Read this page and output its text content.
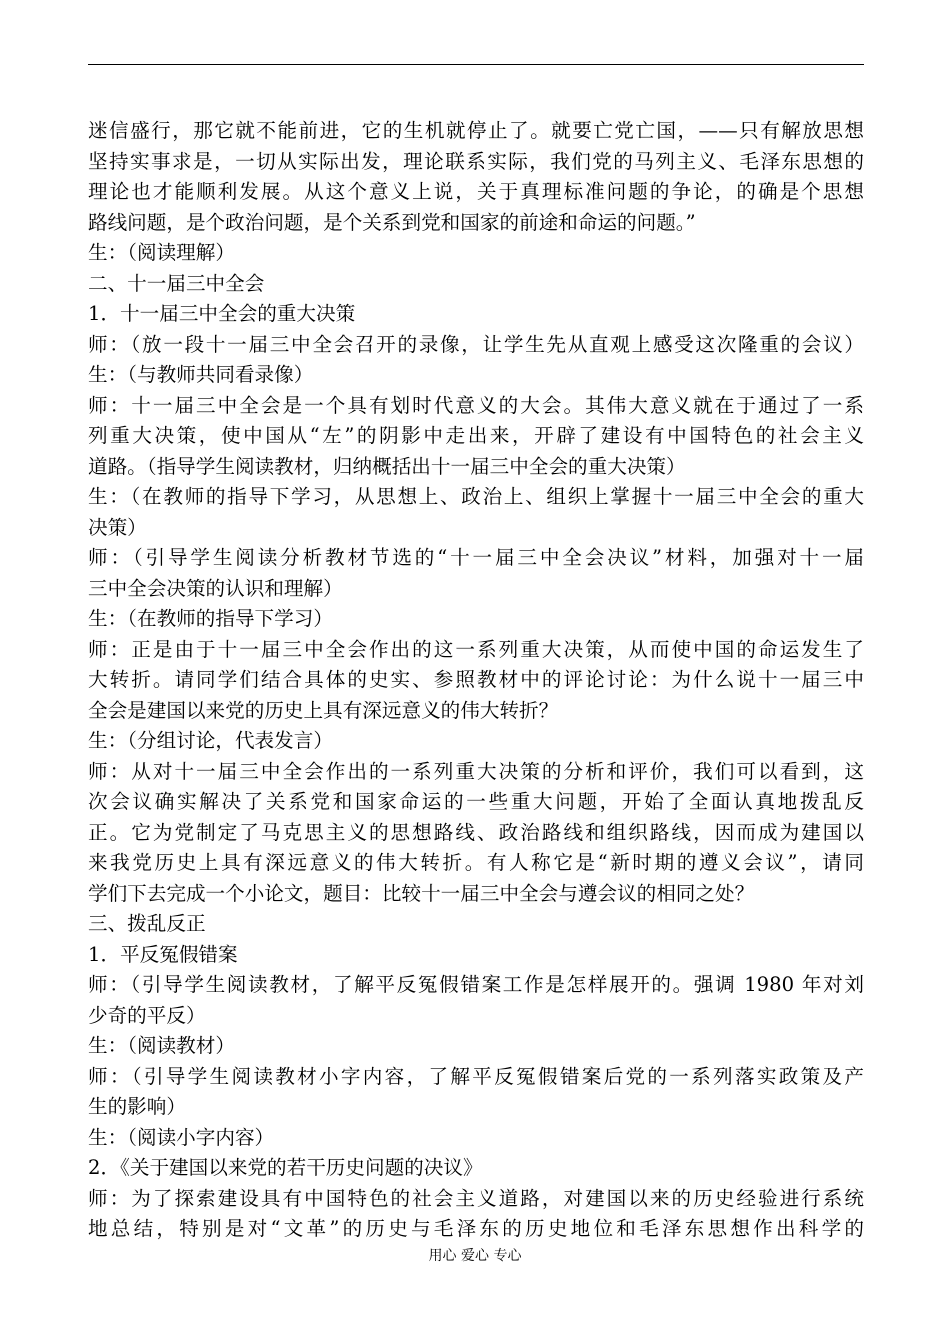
迷信盛行，那它就不能前进，它的生机就停止了。就要亡党亡国，——只有解放思想
坚持实事求是，一切从实际出发，理论联系实际，我们党的马列主义、毛泽东思想的
理论也才能顺利发展。从这个意义上说，关于真理标准问题的争论，的确是个思想
路线问题，是个政治问题，是个关系到党和国家的前途和命运的问题。”
生：（阅读理解）
二、十一届三中全会
1．十一届三中全会的重大决策
师：（放一段十一届三中全会召开的录像，让学生先从直观上感受这次隆重的会议）
生：（与教师共同看录像）
师：十一届三中全会是一个具有划时代意义的大会。其伟大意义就在于通过了一系
列重大决策，使中国从“左”的阴影中走出来，开辟了建设有中国特色的社会主义
道路。（指导学生阅读教材，归纳概括出十一届三中全会的重大决策）
生：（在教师的指导下学习，从思想上、政治上、组织上掌握十一届三中全会的重大
决策）
师：（引导学生阅读分析教材节选的“十一届三中全会决议”材料，加强对十一届
三中全会决策的认识和理解）
生：（在教师的指导下学习）
师：正是由于十一届三中全会作出的这一系列重大决策，从而使中国的命运发生了
大转折。请同学们结合具体的史实、参照教材中的评论讨论：为什么说十一届三中
全会是建国以来党的历史上具有深远意义的伟大转折？
生：（分组讨论，代表发言）
师：从对十一届三中全会作出的一系列重大决策的分析和评价，我们可以看到，这
次会议确实解决了关系党和国家命运的一些重大问题，开始了全面认真地拨乱反
正。它为党制定了马克思主义的思想路线、政治路线和组织路线，因而成为建国以
来我党历史上具有深远意义的伟大转折。有人称它是“新时期的遵义会议”，请同
学们下去完成一个小论文，题目：比较十一届三中全会与遵会议的相同之处？
三、拨乱反正
1．平反冤假错案
师：（引导学生阅读教材，了解平反冤假错案工作是怎样展开的。强调 1980 年对刘
少奇的平反）
生：（阅读教材）
师：（引导学生阅读教材小字内容，了解平反冤假错案后党的一系列落实政策及产
生的影响）
生：（阅读小字内容）
2．《关于建国以来党的若干历史问题的决议》
师：为了探索建设具有中国特色的社会主义道路，对建国以来的历史经验进行系统
地总结，特别是对“文革”的历史与毛泽东的历史地位和毛泽东思想作出科学的
用心 爱心 专心
